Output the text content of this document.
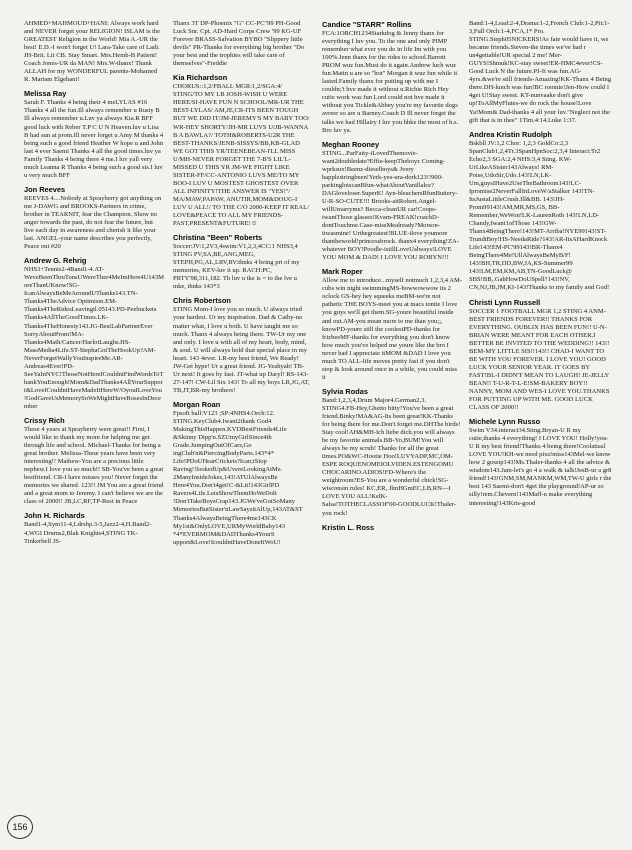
AHMED+MAHMOUD+HANI: Always work hard and NEVER forget your RELIGION! ISLAM is the GREATEST Religion in the World! Mia A.-UR the best! E.D.-I won't forget U! Lara-Take care of Ladi. JH-Brit. Lit CB. Stay Smart. Mrs.Hemb-B Patient! Coach Jones-UR da MAN! Mrs.W-thanx! Thank ALLAH for my WONDERFUL parents-Mohamed R. Mariam Elgehani!

Melissa Ray

Sarah F. Thanks 4 being their 4 meLYLAS #16 Thanks 4 all the fun.Ill always remember u Rusty B Ill always remember u.Luv ya always Kia.R BFF good luck with Reber T.P C U N Heaven.luv u Lisa B had sun at prom.Ill never forget u Amy M thanks 4 being such a good friend Heather W hope u and John last 4 ever Saemi Thanks 4 all the good times.luv ya Family Thanks 4 being there 4 me.I luv yall very much Leanna R Thanks 4 being such a good sis.I luv u very much BFF

Jon Reeves

REEVES 4....Nobody at Sprayberry got anything on me J-DAWG and BROOKS-Partners in crime, brother in TEARNIT, fear the Champion. Show no anger towards the past, do not fear the future, but live each day in awareness and cherish it like your last. ANGEL-your name describes you perfectly, Peace out #20

Andrew G. Rehrig

NHS3+Tennis2-4Band1-4.AT-WeveBeenThruTonsUWereTher4MeImHere4U143MoreThanUKnow!SG-IcanAlwaysBeMeAroundUThanks143.TN-Thanks4TheAdvice Optimism.EM-Thanks4TheRidesLeavingtl.05143.PD-Peebuckets Thanks4AllTheGoodTimes.LK-Thanks4TheHonesty143.JG-BestLabPartnerEver SorryAboutProm!MA-Thanks4Math/Cancer/HarlotLaughs.HS-MassMedia4Life.ST-StephaGotTheHookUp?AM-NeverForgetWallyYouInspireMe.AR-Andreas4Ever!PD-SeeYaInNYC!ThoseNotHereICouldntFindWordsToThankYouEnough!Mom&DadThanks4AllYourSupport&LoveICouldntHaveMadeItHereW/OyouILoveYou!GodGaveUsMemorySoWeMightHaveRosesInDecember

Crissy Rich

These 4 years at Sprayberry were great!! First, I would like to thank my mom for helping me get through life and school. Michael-Thanks for being a great brother. Melissa-These years have been very interesting!! Mathew-You are a precious little nephew.I love you so much!! SB-You've been a great bestfriend. CR-I have misses you! Never forget the memories we shared. 123!! JM You are a great friend and a great mom to Jeremy. I can't believe we are the class of 2000!! JB,LC,RF,TP-Rest in Peace

John H. Richards

Band1-4,Sym11-4,Ldrshp.3-5,Jazz2-4,H.Band2-4,WGI Drums2,Blak Knights4,STING TK-Tinkerbell JS-

Thanx 3T DP-Phoenix "G" CC-PC"99 PH-Good Luck Snr. Cpt. AD-Hard Corps Crew '99 KG-UF Forever BRASS-Salvation BYBO "Slippery little devils" PR-Thanks for everything big brother "Do your best and the trophies will take care of themselves"-Freddie

Kia Richardson

CHORUS::1,2/FBALL MGR:1,2/SGA:4/ STING/TO MY LB JOSH-WISH U WERE HERE/SI-HAVE FUN N SCHOOL/MR-UR THE BEST-LYLAS/ AM,JE,CR-ITS BEEN TOUGH BUT WE DID IT/JM-JEREMY'S MY BABY TOO/ WR-HEY SHORTY/JH-MR LUVS U/JB-WANNA B A BAWLA?/ TOTH&ROBERTS-U2R THE BEST-THANKS/JENB-SISSYS/BB,KB-GLAD WE GOT THIS YR/TEENEBEAN-I'LL MISS U/MH-NEVER FORGET THE 7-B'S LIL'L-MISSED U THIS YR JM-WE FIGHT LIKE SISTER-FF/CC-ANTONIO LUVS ME/TO MY BOO-I LUV U MOSTEST GHOSTEST OVER ALL INFINITY!THE ANSWER IS "YES!"/ MA/MAW,PAPAW, ANUTIR,MOM&DOUG-I LUV U ALL!/ TO THE C/O 2000-KEEP IT REAL/ LOVE&PEACE TO ALL MY FRIENDS-PAST,PRESENT&FUTURE!☺

Christina "Been" Roberts

Soccer:JV:1,2V3,4swim:V1,2,3,4CC:1 NHS3,4 STING PV,SA,BE,ANG,MEG, STEPH,PG,AL,LRV,RV:thnks 4 being prt of my memories, KEV-luv it up. RACH:PC, PRTY'98,311,182. Th luv u tke is = to the lve u mke, thnks 143*3

Chris Robertson

STING Mom-I love you so much. U always tried your hardest. Ur my inspiration. Dad & Cathy-no matter what, I love u both. U have taught me so much. Thanx 4 always being there. TW-Ur my one and only. I love u with all of my heart, body, mind, & soul. U will always hold that special place in my heart. 143 4ever. LR-my best friend, We Ready! JW-Get hype! Ur a great friend. JG-Yeahyah! TB-Ur next! It goes by fast. JT-what up Daryl! RS-143-27-147! CW-Lil Six 143! To all my boys LR,JG,AT, TB,JT,BR-my brothers!

Morgan Roan

Fpsoft ball:V123 ;SP:4NHS4.Orch:12. STING.KeyClub4.Iwant2thank God4 MakingThisHappen.KVDBestFriends4Life &Skinny Dipp'n.SZUmyGirlSince4th Grade.JumpingOutOfCars,Go ingClub'n&PiercingBodyParts.143*4* Life!PDoUHearCrickets?Ican;tStop Raving!!lookedUp&UvereLookingAtMe. 2ManyInsideJokes,143!ATUlAlwaysBe Here4You.Don't4get!C-&Lit!143GirlPD Ravers4Life.LetsShowThemHoWeDolt !Don'tTakeBoysCrap143.JGWe'veGotSoMany MemoriesButSister'nLawSaysitAlUp,143AT&ST Thanks4AlwaysBeingThere4me143CK My1st&OnlyLOVE,URMyWorldBaby143 *4*EVERMOM&DADThanks4YourS upport&Love!IcouldntHaveDoneItWoU!

Candice "STARR" Rollins

FCA:1ORCH1234Starkdog & Jenny thanx for everything I luv you. To the one and only PIMP remember what ever you do in life Im with you 100%.Jenn thanx for the rides to school.Barrett PROM wuz fun.Must do it again.Andrew luch wuz fun.Mattn u are so "hot" Morgan it wuz fun while it lasted.Family thanx for putting up with me I couldn;'t hve made it without u.Richie Rich Hey cutie work was fun Lord could not hve made it without you Tickle&Abbey you're my favortie dogs avreer so are u Barney.Coach D Ill never forget the talks we had Hillairy I luv you hhke the most of h.s. Bro luv ya.

Meghan Rooney

STING...ParFatty-iLovedThemovie-want2doubledate?Effie-keepTheboyz Coming-wprksux!Beenz-dieselboys& Jvery happlzstringbeen!Yerk-yes-ura-dork123!!900-parkinglotscanBfun-whatAboutVanillalce?DAGloveloser.SuperK! Ayn-bleachersRfunButtery-U-R-SO-CUTE!!! Brooks-aitRobert.Angel-willUmarryme? Becca-cleanUR car!Coops-iwantThose glasses!Kvam-FREAK!coachD-dontTouchme.Case-missMealready?Morson-itwasmine! Urthegreatest!BLUE-ilove youmore thantheworld!princessbrock. thanx4 everything!ZA-whatever BOY!Poodle-istillLoveUalways!LOVE YOU MOM & DAD! I LOVE YOU ROBYN!!!

Mark Roper

Allow me to introduce...myself notmuch 1,2,3,4 AM-cubs win night swimmingMS-bowwowwow its 2 oclock GS-hey hey squeeks meBM-we're not pathetic THE BOYS-meet you at macs tonite I love you guys we'll get them.SG-youre beautiful inside and out.AM-you mean more to me than you;;, knowPD-youre still the coolestPD-thanks for frizbeeMF-thanks for everything you don't know how much you've helped me youre like the bro I never had I appreciate itMOM &DAD I love you much TO ALL-life moves pretty fast if you don't stop & look around once in a while, you could miss it

Sylvia Rodas

Band:1,2,3,4,Drum Major4.German2,3. STING4.FB-Hey,Ghetto bitty!You've been a great friend.Binky!MA&AG-Its been great!KK-Thanks for being there for me.Don't forget me.DHThe birds! Stay cool!AH&MH-Ich liebe dich.you will always be my favorite animals.BB-Yo,BUM!You will always be my scrub! Thanks for all the great times.PO&WC-Hootie Hoo!LUVYADP,MC,OM-ESPE ROQUENOMEIOLVIDEN.ESTENGOMU CHOCARINO.ADIOS!FD-Where's the weightroom?ES-You are a wonderful chick!SG-wisconsin rules! KC,ER, JlmHGmEC,LB,RN—I LOVE YOU ALL!KelK-Salsa!TOTHECLASSOF'00-GOODLUCK!Thaler-you rock!

Kristin L. Ross

Band:1-4,Lead:2-4,Drama:1-2,French Club:1-2,Pit:1-3,Full Orch:1-4,FCA,1* Pro. STING.Steph05NICKERS!As fate would have it, we became friends.Steven-the times we've had r un4gettable!UR special 2 me! Mer-GUYS!Shmuk!KC-stay sweet!ER-HMC4ever!CS-Good Luck N the future.PJ-It was fun.AG-4yrs.&we're still friends-Amazing!KK-Thanx 4 Being there.DH-lunch was fun!BC roomie!Jen-How could I 4get U!Stay sweet. KT-nunvaake don't give up!ToAllMyFlutes-we do rock the house!Love Ya!Mom& Dad-thanks 4 all your luv."Neglect not the gift that is in thee" 1Tim.4:14.Luke 1:37.

Andrea Kristin Rudolph

Bskbll JV:1,2 Chor: 1,2,3 GoldCo:2,3 SpanClub1,2,4Tr.3SpanHpnSoc:2,3,4 Interact:Tr2 Echo2,3 SGA:2,4 NHS:3,4 Sting. KW-UrLikeASister143Always! RM-Poise,UdoSir,Udo.143!LN,LK-Um,guysIHave2UseTheBathroom143!LC-Ipromise2NeverFallInLoveW/aStalker 143!TN-ItsJustaLittleCrush.Ill&BB. 143!JH-Prom99143!AM,MR,MS,GS, BB-Remember,WeWon!LK-LaurenRoth 143!LN,LD-Chandy,Iwant1ofThose 143!GW-Thanx4BeingThere!143!MT-Arriba!NYE99143!ST-TrundtBoy!HS-NeedaRide?143!AR-ItsAHardKnock Life143!EM-PC'99143!BR-Thanx4 BeingThere4Me!UllAlwaysBeMyB/F! 143!BH,TR,DD,BW,JA,KS-Summer99 143!LM,EM,KM,AB,TN-GoodLuck@ SBS!BB,.GabHowDoUSpell?143!NV, CN,NJ,JB,JM,KI-143!Thanks to my family and God!

Christi Lynn Russell

SOCCER 1 FOOTBALL MGR 1,2 STING 4 ANM-BEST FRIENDS FOREVER!! THANKS FOR EVERYTHING. OUBLIX HAS BEEN FUN!! U-N-BRIAN WERE MEANT FOR EACH OTHER.I BETTER BE INVITED TO THE WEDDING!! 143!! BEM-MY LITTLE SIS!!143!! CHAD-I WANT TO BE WITH YOU FOREVER. I LOVE YOU! GOOD LUCK YOUR SENIOR YEAR. IT GOES BY FAST!BL-I DIDN'T MEAN TO LAUGH! JE-JELLY BEAN!! T-U-R-T-L-E!SM-BAKERY BOY!! NANNY, MOM AND WES-I LOVE YOU.THANKS FOR PUTTING UP WITH ME. GOOD LUCK CLASS OF 2000!!

Michele Lynn Russo

Swim V34.interact34.Sting.Bryan-U R my cutie,thanks 4 everything! I LOVE YOU! Holly!you-U R my best friend!Thanks 4 being there!Coolattasl LOVE YOU!KH-we need pixs!miss143Mel-we know how 2 gossip143!Ms.Thaler-thanks 4 all the advice & wisdom143.Jam-let's go 4 a walk & talk!JesB-ur a gr8 friend!143!GNM,SM,MANKM,WM,TW-U girls r the best 143 Saemi-don't 4get the playground!AP-ur so silly!rem.Chevern!143Maff-u make everything interesting!143Kris-good

156
